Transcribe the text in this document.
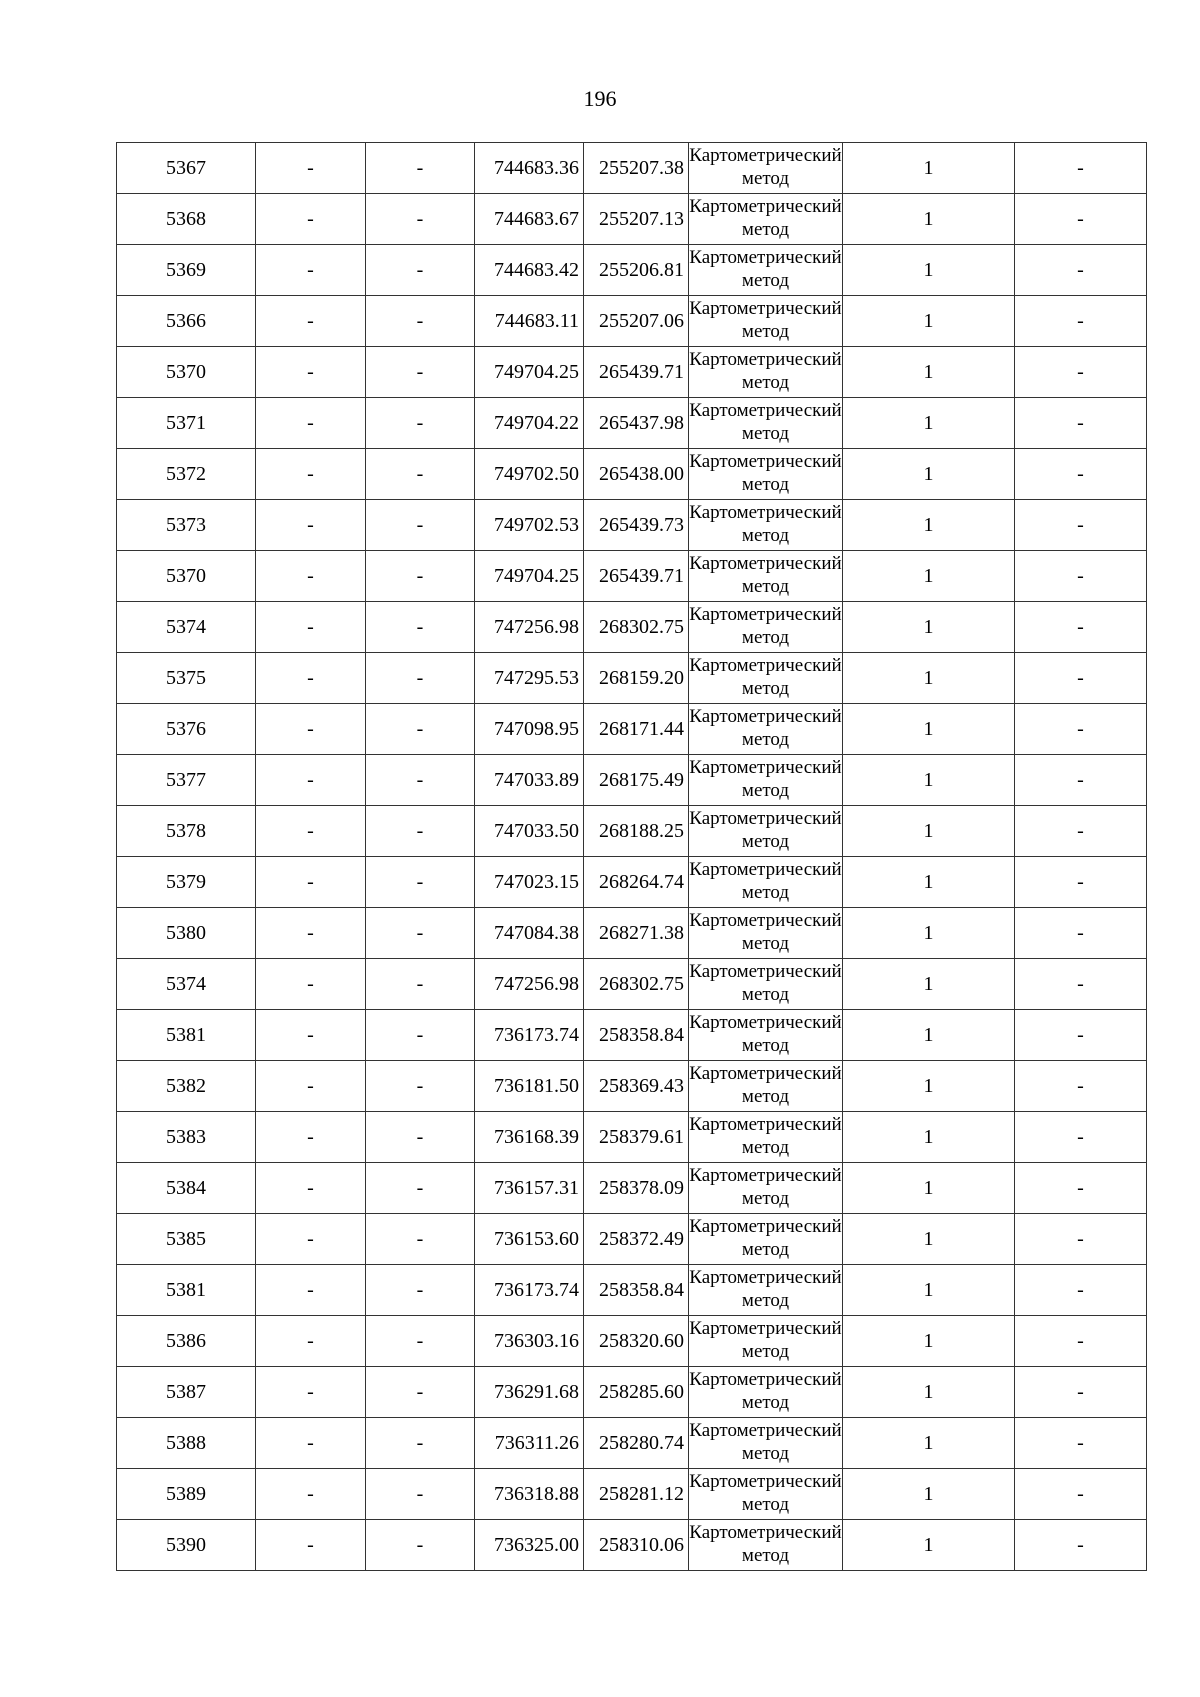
196
5367	-	-	744683.36	255207.38	Картометрический метод	1	-
5368	-	-	744683.67	255207.13	Картометрический метод	1	-
5369	-	-	744683.42	255206.81	Картометрический метод	1	-
5366	-	-	744683.11	255207.06	Картометрический метод	1	-
5370	-	-	749704.25	265439.71	Картометрический метод	1	-
5371	-	-	749704.22	265437.98	Картометрический метод	1	-
5372	-	-	749702.50	265438.00	Картометрический метод	1	-
5373	-	-	749702.53	265439.73	Картометрический метод	1	-
5370	-	-	749704.25	265439.71	Картометрический метод	1	-
5374	-	-	747256.98	268302.75	Картометрический метод	1	-
5375	-	-	747295.53	268159.20	Картометрический метод	1	-
5376	-	-	747098.95	268171.44	Картометрический метод	1	-
5377	-	-	747033.89	268175.49	Картометрический метод	1	-
5378	-	-	747033.50	268188.25	Картометрический метод	1	-
5379	-	-	747023.15	268264.74	Картометрический метод	1	-
5380	-	-	747084.38	268271.38	Картометрический метод	1	-
5374	-	-	747256.98	268302.75	Картометрический метод	1	-
5381	-	-	736173.74	258358.84	Картометрический метод	1	-
5382	-	-	736181.50	258369.43	Картометрический метод	1	-
5383	-	-	736168.39	258379.61	Картометрический метод	1	-
5384	-	-	736157.31	258378.09	Картометрический метод	1	-
5385	-	-	736153.60	258372.49	Картометрический метод	1	-
5381	-	-	736173.74	258358.84	Картометрический метод	1	-
5386	-	-	736303.16	258320.60	Картометрический метод	1	-
5387	-	-	736291.68	258285.60	Картометрический метод	1	-
5388	-	-	736311.26	258280.74	Картометрический метод	1	-
5389	-	-	736318.88	258281.12	Картометрический метод	1	-
5390	-	-	736325.00	258310.06	Картометрический метод	1	-
